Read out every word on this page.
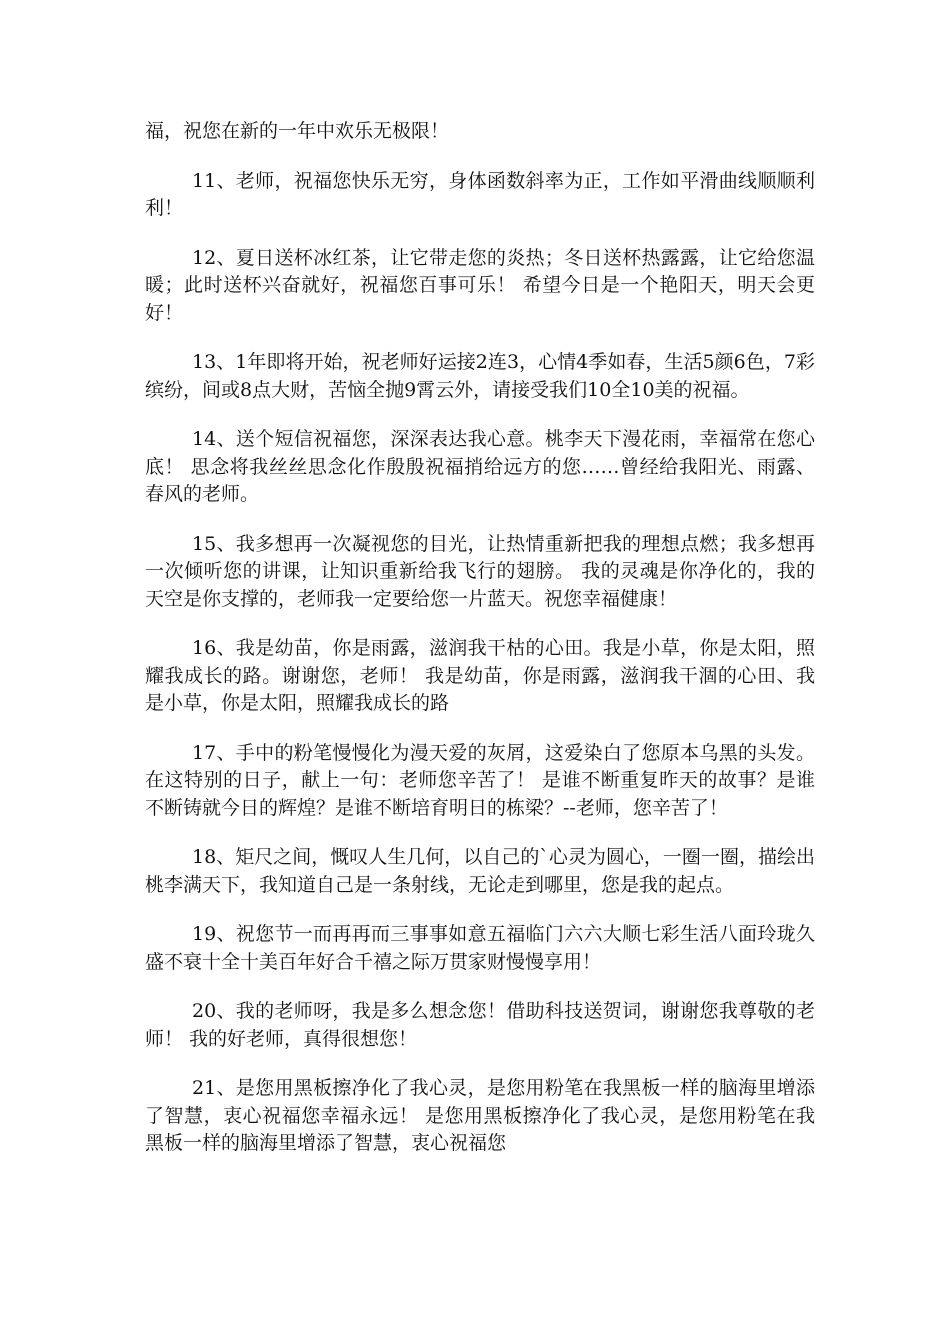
福，祝您在新的一年中欢乐无极限！

11、老师，祝福您快乐无穷，身体函数斜率为正，工作如平滑曲线顺顺利利！

12、夏日送杯冰红茶，让它带走您的炎热；冬日送杯热露露，让它给您温暖；此时送杯兴奋就好，祝福您百事可乐！ 希望今日是一个艳阳天，明天会更好！

13、1年即将开始，祝老师好运接2连3，心情4季如春，生活5颜6色，7彩缤纷，间或8点大财，苦恼全抛9霄云外，请接受我们10全10美的祝福。

14、送个短信祝福您，深深表达我心意。桃李天下漫花雨，幸福常在您心底！ 思念将我丝丝思念化作殷殷祝福捎给远方的您……曾经给我阳光、雨露、春风的老师。

15、我多想再一次凝视您的目光，让热情重新把我的理想点燃；我多想再一次倾听您的讲课，让知识重新给我飞行的翅膀。 我的灵魂是你净化的，我的天空是你支撑的，老师我一定要给您一片蓝天。祝您幸福健康！

16、我是幼苗，你是雨露，滋润我干枯的心田。我是小草，你是太阳，照耀我成长的路。谢谢您，老师！ 我是幼苗，你是雨露，滋润我干涸的心田、我是小草，你是太阳，照耀我成长的路

17、手中的粉笔慢慢化为漫天爱的灰屑，这爱染白了您原本乌黑的头发。在这特别的日子，献上一句：老师您辛苦了！ 是谁不断重复昨天的故事？是谁不断铸就今日的辉煌？是谁不断培育明日的栋梁？--老师，您辛苦了！

18、矩尺之间，慨叹人生几何，以自己的`心灵为圆心，一圈一圈，描绘出桃李满天下，我知道自己是一条射线，无论走到哪里，您是我的起点。

19、祝您节一而再再而三事事如意五福临门六六大顺七彩生活八面玲珑久盛不衰十全十美百年好合千禧之际万贯家财慢慢享用！

20、我的老师呀，我是多么想念您！借助科技送贺词，谢谢您我尊敬的老师！ 我的好老师，真得很想您！

21、是您用黑板擦净化了我心灵，是您用粉笔在我黑板一样的脑海里增添了智慧，衷心祝福您幸福永远！ 是您用黑板擦净化了我心灵，是您用粉笔在我黑板一样的脑海里增添了智慧，衷心祝福您
